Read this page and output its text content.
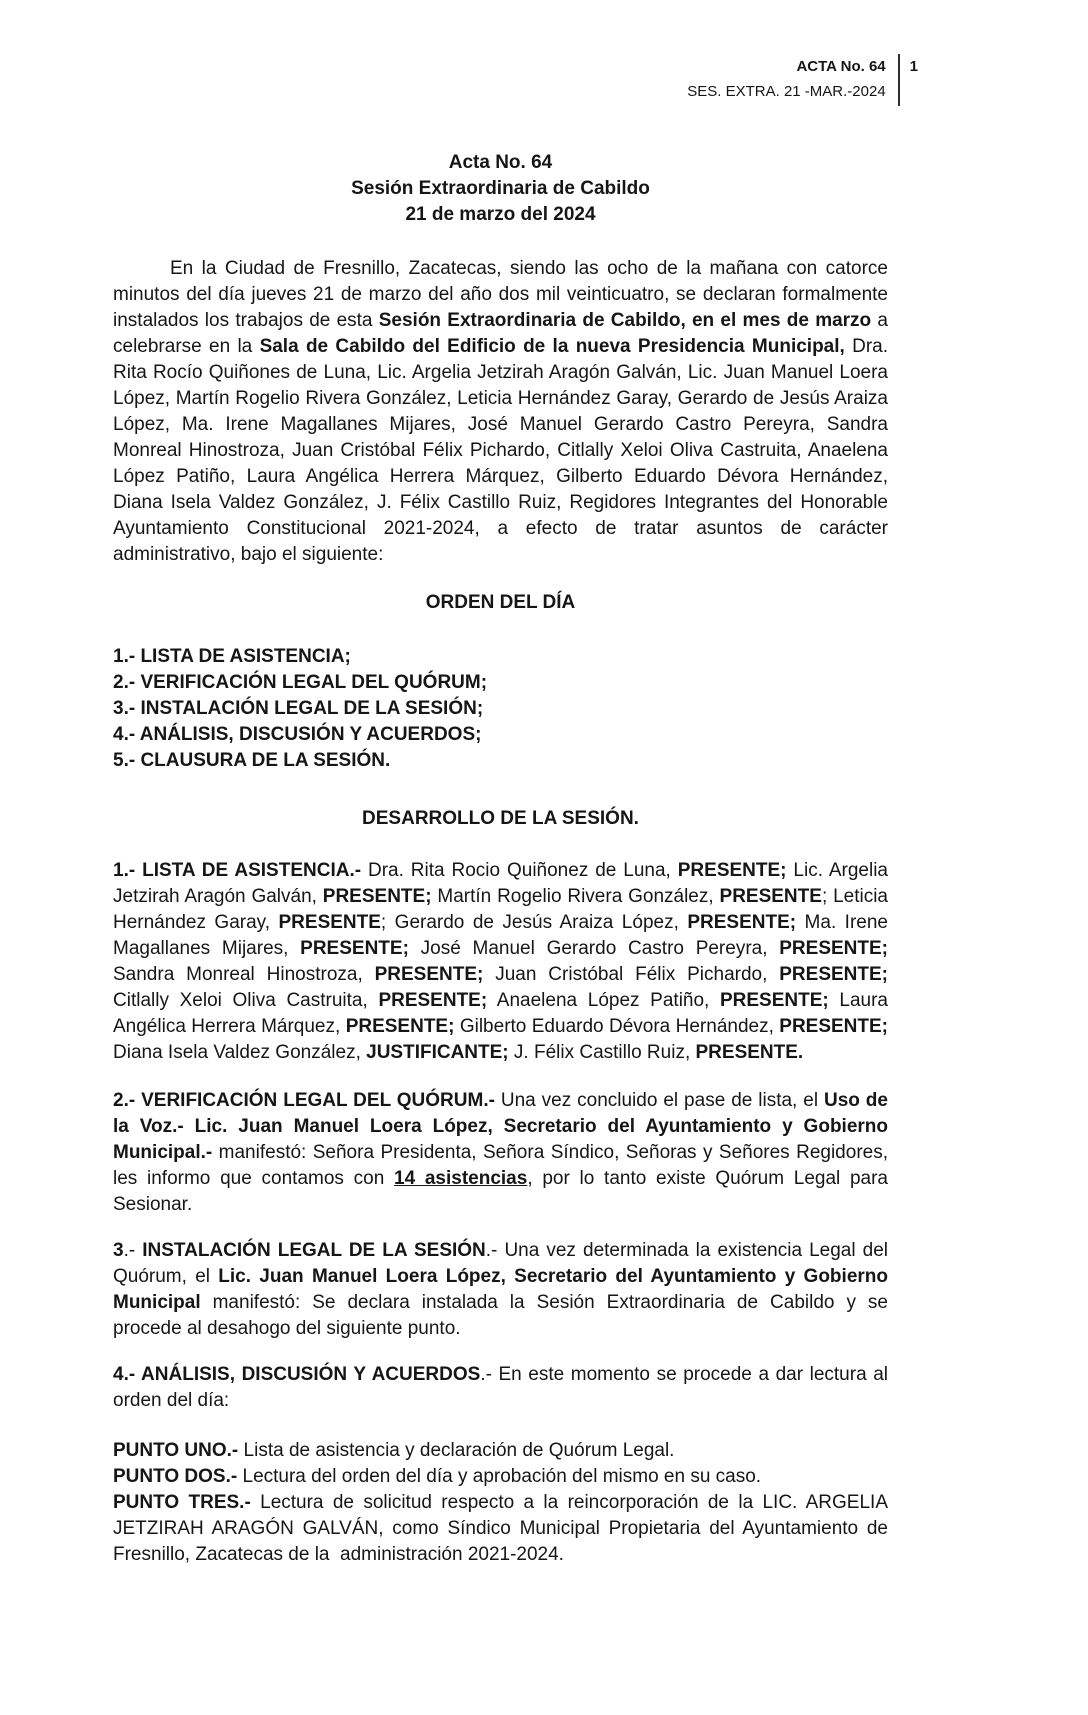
ACTA No. 64
SES. EXTRA. 21 -MAR.-2024
1
Acta No. 64
Sesión Extraordinaria de Cabildo
21 de marzo del 2024

En la Ciudad de Fresnillo, Zacatecas, siendo las ocho de la mañana con catorce minutos del día jueves 21 de marzo del año dos mil veinticuatro, se declaran formalmente instalados los trabajos de esta Sesión Extraordinaria de Cabildo, en el mes de marzo a celebrarse en la Sala de Cabildo del Edificio de la nueva Presidencia Municipal, Dra. Rita Rocío Quiñones de Luna, Lic. Argelia Jetzirah Aragón Galván, Lic. Juan Manuel Loera López, Martín Rogelio Rivera González, Leticia Hernández Garay, Gerardo de Jesús Araiza López, Ma. Irene Magallanes Mijares, José Manuel Gerardo Castro Pereyra, Sandra Monreal Hinostroza, Juan Cristóbal Félix Pichardo, Citlally Xeloi Oliva Castruita, Anaelena López Patiño, Laura Angélica Herrera Márquez, Gilberto Eduardo Dévora Hernández, Diana Isela Valdez González, J. Félix Castillo Ruiz, Regidores Integrantes del Honorable Ayuntamiento Constitucional 2021-2024, a efecto de tratar asuntos de carácter administrativo, bajo el siguiente:

ORDEN DEL DÍA
1.- LISTA DE ASISTENCIA;
2.- VERIFICACIÓN LEGAL DEL QUÓRUM;
3.- INSTALACIÓN LEGAL DE LA SESIÓN;
4.- ANÁLISIS, DISCUSIÓN Y ACUERDOS;
5.- CLAUSURA DE LA SESIÓN.
DESARROLLO DE LA SESIÓN.

1.- LISTA DE ASISTENCIA.- Dra. Rita Rocio Quiñonez de Luna, PRESENTE; Lic. Argelia Jetzirah Aragón Galván, PRESENTE; Martín Rogelio Rivera González, PRESENTE; Leticia Hernández Garay, PRESENTE; Gerardo de Jesús Araiza López, PRESENTE; Ma. Irene Magallanes Mijares, PRESENTE; José Manuel Gerardo Castro Pereyra, PRESENTE; Sandra Monreal Hinostroza, PRESENTE; Juan Cristóbal Félix Pichardo, PRESENTE; Citlally Xeloi Oliva Castruita, PRESENTE; Anaelena López Patiño, PRESENTE; Laura Angélica Herrera Márquez, PRESENTE; Gilberto Eduardo Dévora Hernández, PRESENTE; Diana Isela Valdez González, JUSTIFICANTE; J. Félix Castillo Ruiz, PRESENTE.

2.- VERIFICACIÓN LEGAL DEL QUÓRUM.- Una vez concluido el pase de lista, el Uso de la Voz.- Lic. Juan Manuel Loera López, Secretario del Ayuntamiento y Gobierno Municipal.- manifestó: Señora Presidenta, Señora Síndico, Señoras y Señores Regidores, les informo que contamos con 14 asistencias, por lo tanto existe Quórum Legal para Sesionar.

3.- INSTALACIÓN LEGAL DE LA SESIÓN.- Una vez determinada la existencia Legal del Quórum, el Lic. Juan Manuel Loera López, Secretario del Ayuntamiento y Gobierno Municipal manifestó: Se declara instalada la Sesión Extraordinaria de Cabildo y se procede al desahogo del siguiente punto.

4.- ANÁLISIS, DISCUSIÓN Y ACUERDOS.- En este momento se procede a dar lectura al orden del día:

PUNTO UNO.- Lista de asistencia y declaración de Quórum Legal.

PUNTO DOS.- Lectura del orden del día y aprobación del mismo en su caso.

PUNTO TRES.- Lectura de solicitud respecto a la reincorporación de la LIC. ARGELIA JETZIRAH ARAGÓN GALVÁN, como Síndico Municipal Propietaria del Ayuntamiento de Fresnillo, Zacatecas de la  administración 2021-2024.
